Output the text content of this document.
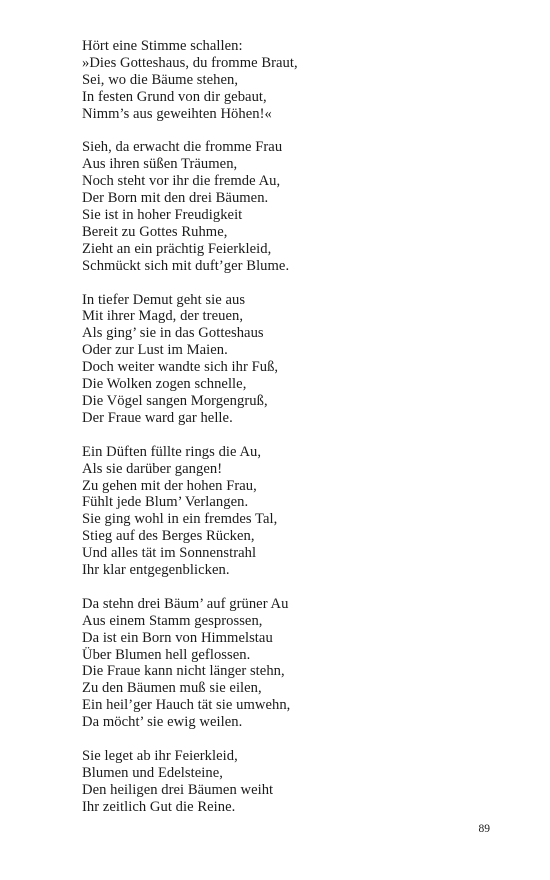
Hört eine Stimme schallen:
»Dies Gotteshaus, du fromme Braut,
Sei, wo die Bäume stehen,
In festen Grund von dir gebaut,
Nimm’s aus geweihten Höhen!«
Sieh, da erwacht die fromme Frau
Aus ihren süßen Träumen,
Noch steht vor ihr die fremde Au,
Der Born mit den drei Bäumen.
Sie ist in hoher Freudigkeit
Bereit zu Gottes Ruhme,
Zieht an ein prächtig Feierkleid,
Schmückt sich mit duft’ger Blume.
In tiefer Demut geht sie aus
Mit ihrer Magd, der treuen,
Als ging’ sie in das Gotteshaus
Oder zur Lust im Maien.
Doch weiter wandte sich ihr Fuß,
Die Wolken zogen schnelle,
Die Vögel sangen Morgengruß,
Der Fraue ward gar helle.
Ein Düften füllte rings die Au,
Als sie darüber gangen!
Zu gehen mit der hohen Frau,
Fühlt jede Blum’ Verlangen.
Sie ging wohl in ein fremdes Tal,
Stieg auf des Berges Rücken,
Und alles tät im Sonnenstrahl
Ihr klar entgegenblicken.
Da stehn drei Bäum’ auf grüner Au
Aus einem Stamm gesprossen,
Da ist ein Born von Himmelstau
Über Blumen hell geflossen.
Die Fraue kann nicht länger stehn,
Zu den Bäumen muß sie eilen,
Ein heil’ger Hauch tät sie umwehn,
Da möcht’ sie ewig weilen.
Sie leget ab ihr Feierkleid,
Blumen und Edelsteine,
Den heiligen drei Bäumen weiht
Ihr zeitlich Gut die Reine.
89
